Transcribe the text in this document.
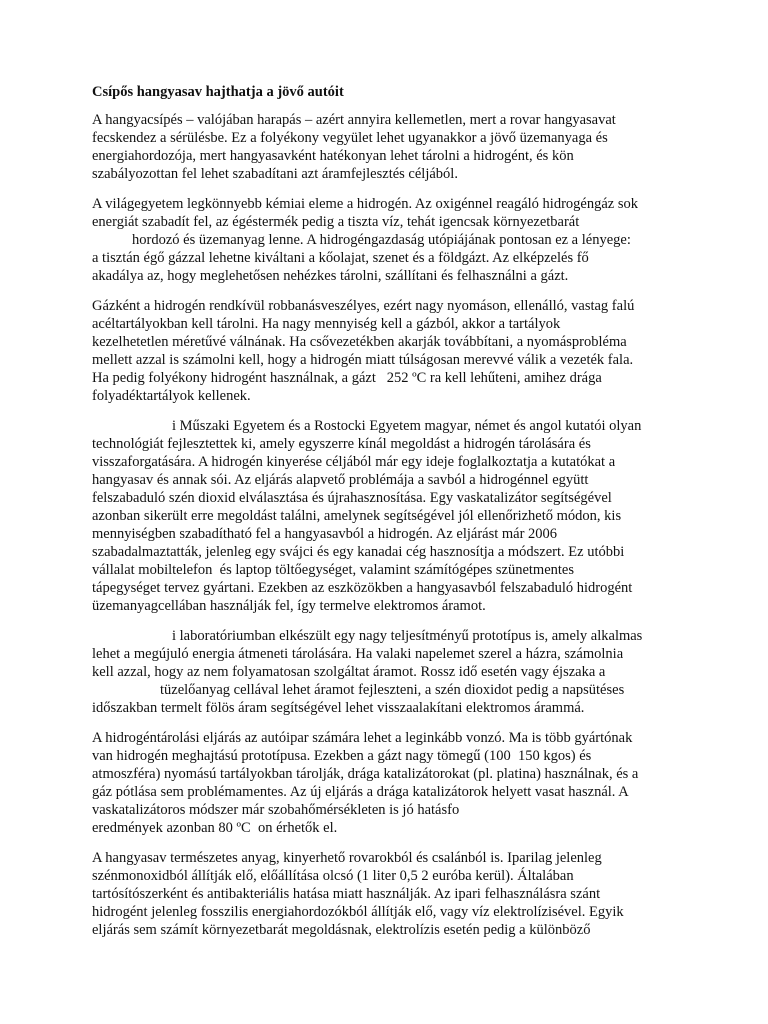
Csípős hangyasav hajthatja a jövő autóit

A hangyacsípés – valójában harapás – azért annyira kellemetlen, mert a rovar hangyasavat

fecskendez a sérülésbe. Ez a folyékony vegyület lehet ugyanakkor a jövő üzemanyaga és

energiahordozója, mert hangyasavként hatékonyan lehet tárolni a hidrogént, és kön

szabályozottan fel lehet szabadítani azt áramfejlesztés céljából.

A világegyetem legkönnyebb kémiai eleme a hidrogén. Az oxigénnel reagáló hidrogéngáz sok

energiát szabadít fel, az égéstermék pedig a tiszta víz, tehát igencsak környezetbarát

hordozó és üzemanyag lenne. A hidrogéngazdaság utópiájának pontosan ez a lényege:

a tisztán égő gázzal lehetne kiváltani a kőolajat, szenet és a földgázt. Az elképzelés fő

akadálya az, hogy meglehetősen nehézkes tárolni, szállítani és felhasználni a gázt.

Gázként a hidrogén rendkívül robbanásveszélyes, ezért nagy nyomáson, ellenálló, vastag falú

acéltartályokban kell tárolni. Ha nagy mennyiség kell a gázból, akkor a tartályok

kezelhetetlen méretűvé válnának. Ha csővezetékben akarják továbbítani, a nyomásprobléma

mellett azzal is számolni kell, hogy a hidrogén miatt túlságosan merevvé válik a vezeték fala.

Ha pedig folyékony hidrogént használnak, a gázt   252 ºC ra kell lehűteni, amihez drága

folyadéktartályok kellenek.

i Műszaki Egyetem és a Rostocki Egyetem magyar, német és angol kutatói olyan

technológiát fejlesztettek ki, amely egyszerre kínál megoldást a hidrogén tárolására és

visszaforgatására. A hidrogén kinyerése céljából már egy ideje foglalkoztatja a kutatókat a

hangyasav és annak sói. Az eljárás alapvető problémája a savból a hidrogénnel együtt

felszabaduló szén dioxid elválasztása és újrahasznosítása. Egy vaskatalizátor segítségével

azonban sikerült erre megoldást találni, amelynek segítségével jól ellenőrizhető módon, kis

mennyiségben szabadítható fel a hangyasavból a hidrogén. Az eljárást már 2006

szabadalmaztatták, jelenleg egy svájci és egy kanadai cég hasznosítja a módszert. Ez utóbbi

vállalat mobiltelefon  és laptop töltőegységet, valamint számítógépes szünetmentes

tápegységet tervez gyártani. Ezekben az eszközökben a hangyasavból felszabaduló hidrogént

üzemanyagcellában használják fel, így termelve elektromos áramot.

i laboratóriumban elkészült egy nagy teljesítményű prototípus is, amely alkalmas

lehet a megújuló energia átmeneti tárolására. Ha valaki napelemet szerel a házra, számolnia

kell azzal, hogy az nem folyamatosan szolgáltat áramot. Rossz idő esetén vagy éjszaka a

tüzelőanyag cellával lehet áramot fejleszteni, a szén dioxidot pedig a napsütéses

időszakban termelt fölös áram segítségével lehet visszaalakítani elektromos árammá.

A hidrogéntárolási eljárás az autóipar számára lehet a leginkább vonzó. Ma is több gyártónak

van hidrogén meghajtású prototípusa. Ezekben a gázt nagy tömegű (100  150 kgos) és

atmoszféra) nyomású tartályokban tárolják, drága katalizátorokat (pl. platina) használnak, és a

gáz pótlása sem problémamentes. Az új eljárás a drága katalizátorok helyett vasat használ. A

vaskatalizátoros módszer már szobahőmérsékleten is jó hatásfo

eredmények azonban 80 ºC  on érhetők el.

A hangyasav természetes anyag, kinyerhető rovarokból és csalánból is. Iparilag jelenleg

szénmonoxidból állítják elő, előállítása olcsó (1 liter 0,5 2 euróba kerül). Általában

tartósítószerként és antibakteriális hatása miatt használják. Az ipari felhasználásra szánt

hidrogént jelenleg fosszilis energiahordozókból állítják elő, vagy víz elektrolízisével. Egyik

eljárás sem számít környezetbarát megoldásnak, elektrolízis esetén pedig a különböző
